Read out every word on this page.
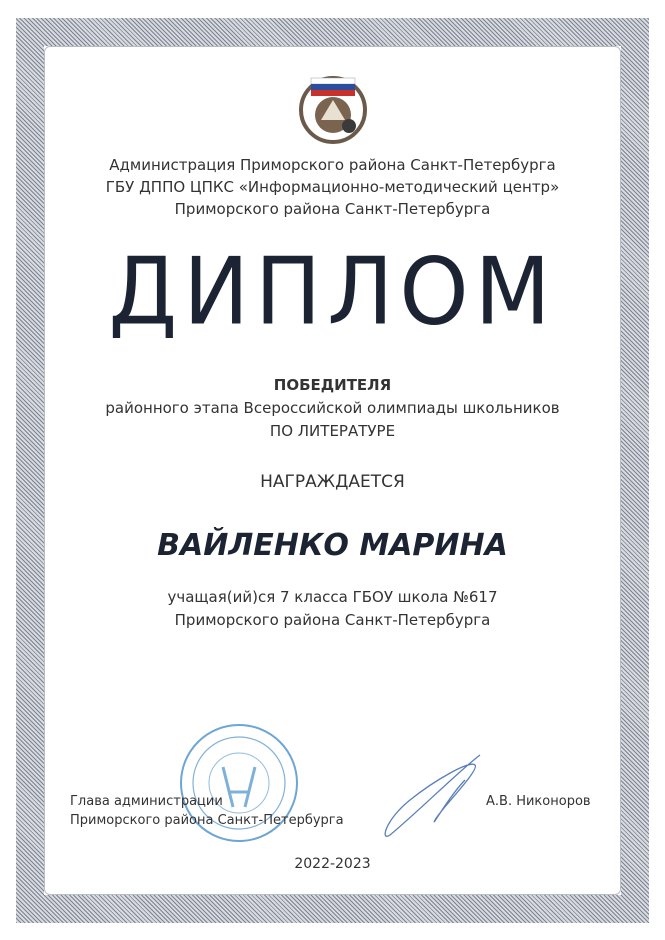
Администрация Приморского района Санкт-Петербурга
ГБУ ДППО ЦПКС «Информационно-методический центр»
Приморского района Санкт-Петербурга
ДИПЛОМ
ПОБЕДИТЕЛЯ
районного этапа Всероссийской олимпиады школьников
ПО ЛИТЕРАТУРЕ
НАГРАЖДАЕТСЯ
ВАЙЛЕНКО МАРИНА
учащая(ий)ся 7 класса ГБОУ школа №617
Приморского района Санкт-Петербурга
Глава администрации
Приморского района Санкт-Петербурга
А.В. Никоноров
2022-2023
